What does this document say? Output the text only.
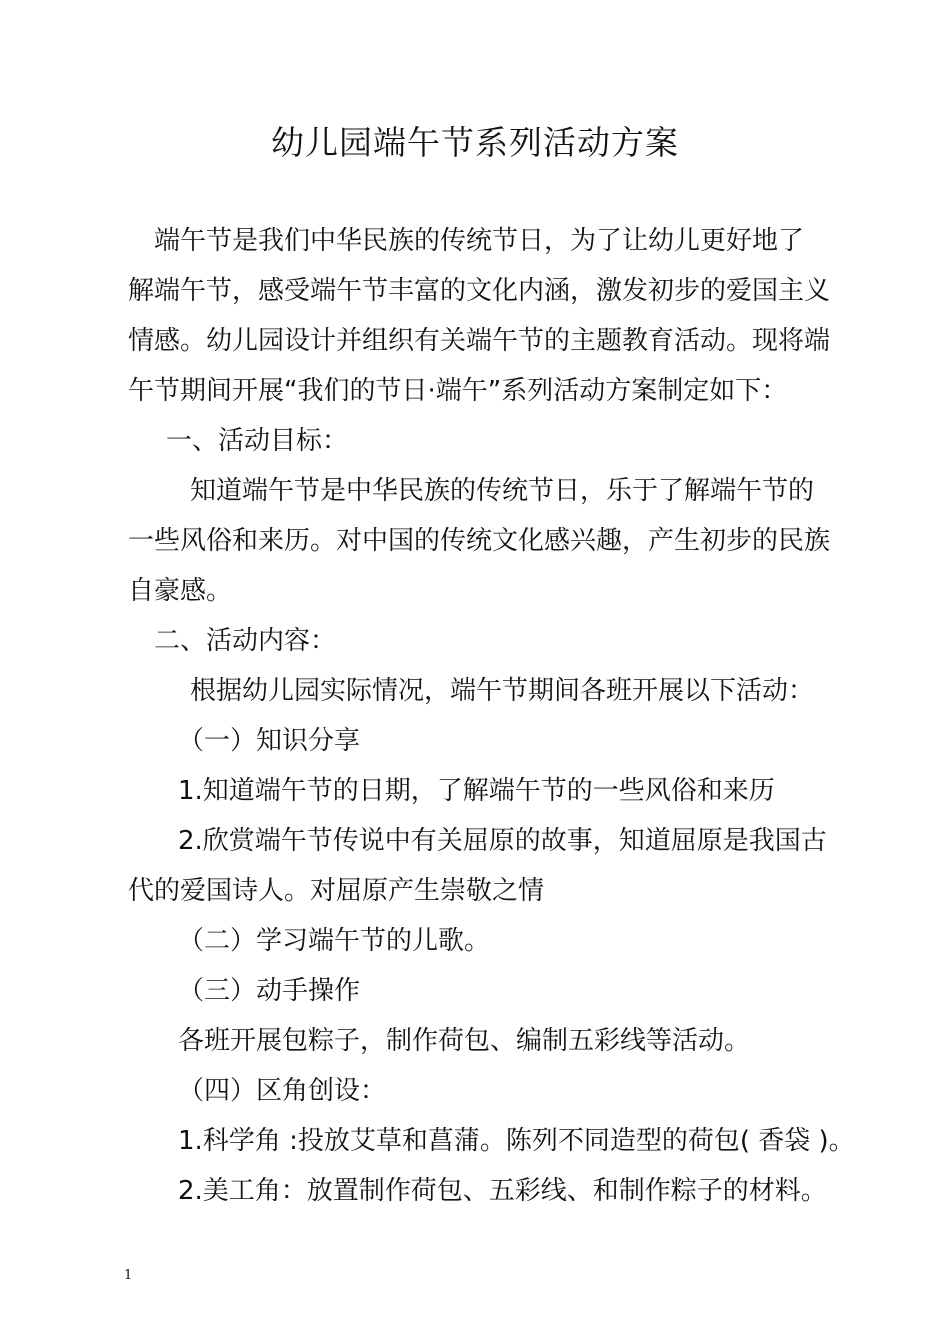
幼儿园端午节系列活动方案
端午节是我们中华民族的传统节日，为了让幼儿更好地了
解端午节，感受端午节丰富的文化内涵，激发初步的爱国主义
情感。幼儿园设计并组织有关端午节的主题教育活动。现将端
午节期间开展“我们的节日·端午”系列活动方案制定如下：
一、活动目标：
知道端午节是中华民族的传统节日，乐于了解端午节的
一些风俗和来历。对中国的传统文化感兴趣，产生初步的民族
自豪感。
二、活动内容：
根据幼儿园实际情况，端午节期间各班开展以下活动：
（一）知识分享
1.知道端午节的日期，了解端午节的一些风俗和来历
2.欣赏端午节传说中有关屈原的故事，知道屈原是我国古
代的爱国诗人。对屈原产生崇敬之情
（二）学习端午节的儿歌。
（三）动手操作
各班开展包粽子，制作荷包、编制五彩线等活动。
（四）区角创设：
1.科学角 :投放艾草和菖蒲。陈列不同造型的荷包( 香袋 )。
2.美工角：放置制作荷包、五彩线、和制作粽子的材料。
1
